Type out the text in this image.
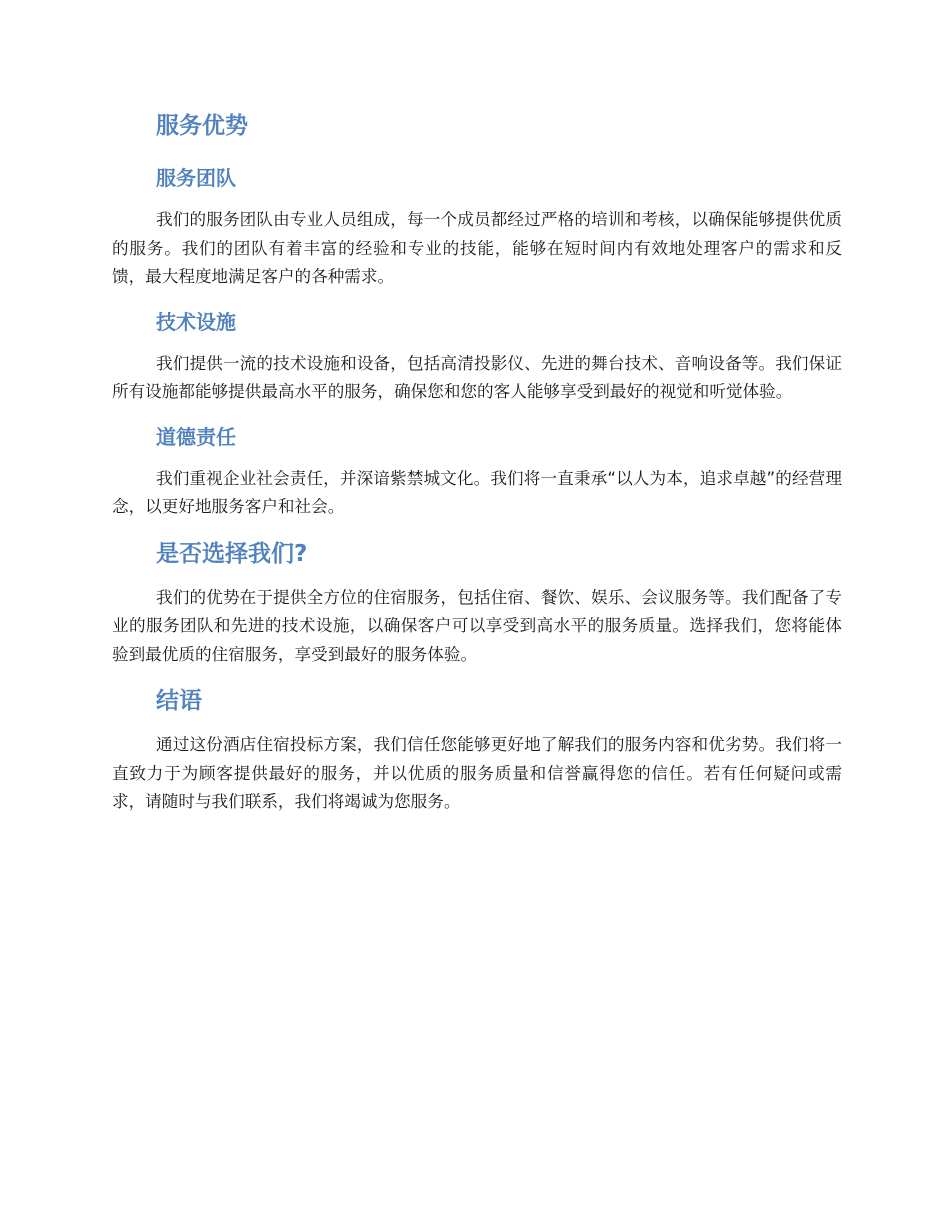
服务优势
服务团队

我们的服务团队由专业人员组成，每一个成员都经过严格的培训和考核，以确保能够提供优质的服务。我们的团队有着丰富的经验和专业的技能，能够在短时间内有效地处理客户的需求和反馈，最大程度地满足客户的各种需求。

技术设施

我们提供一流的技术设施和设备，包括高清投影仪、先进的舞台技术、音响设备等。我们保证所有设施都能够提供最高水平的服务，确保您和您的客人能够享受到最好的视觉和听觉体验。

道德责任

我们重视企业社会责任，并深谙紫禁城文化。我们将一直秉承“以人为本，追求卓越”的经营理念，以更好地服务客户和社会。

是否选择我们?

我们的优势在于提供全方位的住宿服务，包括住宿、餐饮、娱乐、会议服务等。我们配备了专业的服务团队和先进的技术设施，以确保客户可以享受到高水平的服务质量。选择我们，您将能体验到最优质的住宿服务，享受到最好的服务体验。

结语

通过这份酒店住宿投标方案，我们信任您能够更好地了解我们的服务内容和优劣势。我们将一直致力于为顾客提供最好的服务，并以优质的服务质量和信誉赢得您的信任。若有任何疑问或需求，请随时与我们联系，我们将竭诚为您服务。
